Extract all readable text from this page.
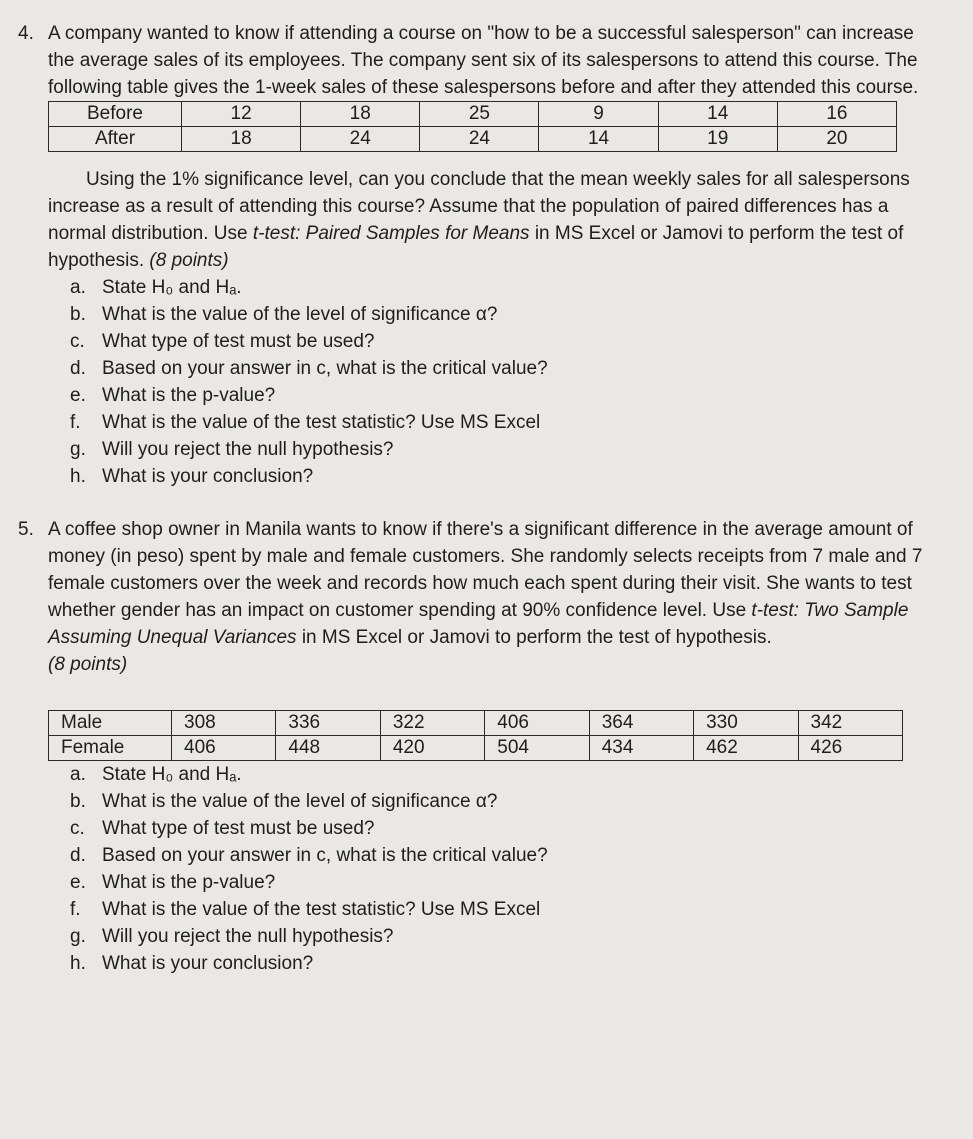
4. A company wanted to know if attending a course on "how to be a successful salesperson" can increase the average sales of its employees. The company sent six of its salespersons to attend this course. The following table gives the 1-week sales of these salespersons before and after they attended this course.

Before	12	18	25	9	14	16
After	18	24	24	14	19	20

Using the 1% significance level, can you conclude that the mean weekly sales for all salespersons increase as a result of attending this course? Assume that the population of paired differences has a normal distribution. Use t-test: Paired Samples for Means in MS Excel or Jamovi to perform the test of hypothesis. (8 points)

a. State H₀ and Hₐ.
b. What is the value of the level of significance α?
c. What type of test must be used?
d. Based on your answer in c, what is the critical value?
e. What is the p-value?
f.	What is the value of the test statistic? Use MS Excel
g. Will you reject the null hypothesis?
h. What is your conclusion?
5. A coffee shop owner in Manila wants to know if there's a significant difference in the average amount of money (in peso) spent by male and female customers. She randomly selects receipts from 7 male and 7 female customers over the week and records how much each spent during their visit. She wants to test whether gender has an impact on customer spending at 90% confidence level. Use t-test: Two Sample Assuming Unequal Variances in MS Excel or Jamovi to perform the test of hypothesis.

(8 points)

Male	308	336	322	406	364	330	342
Female	406	448	420	504	434	462	426
a. State H₀ and Hₐ.
b. What is the value of the level of significance α?
c. What type of test must be used?
d. Based on your answer in c, what is the critical value?
e. What is the p-value?
f.	What is the value of the test statistic? Use MS Excel
g. Will you reject the null hypothesis?
h. What is your conclusion?
